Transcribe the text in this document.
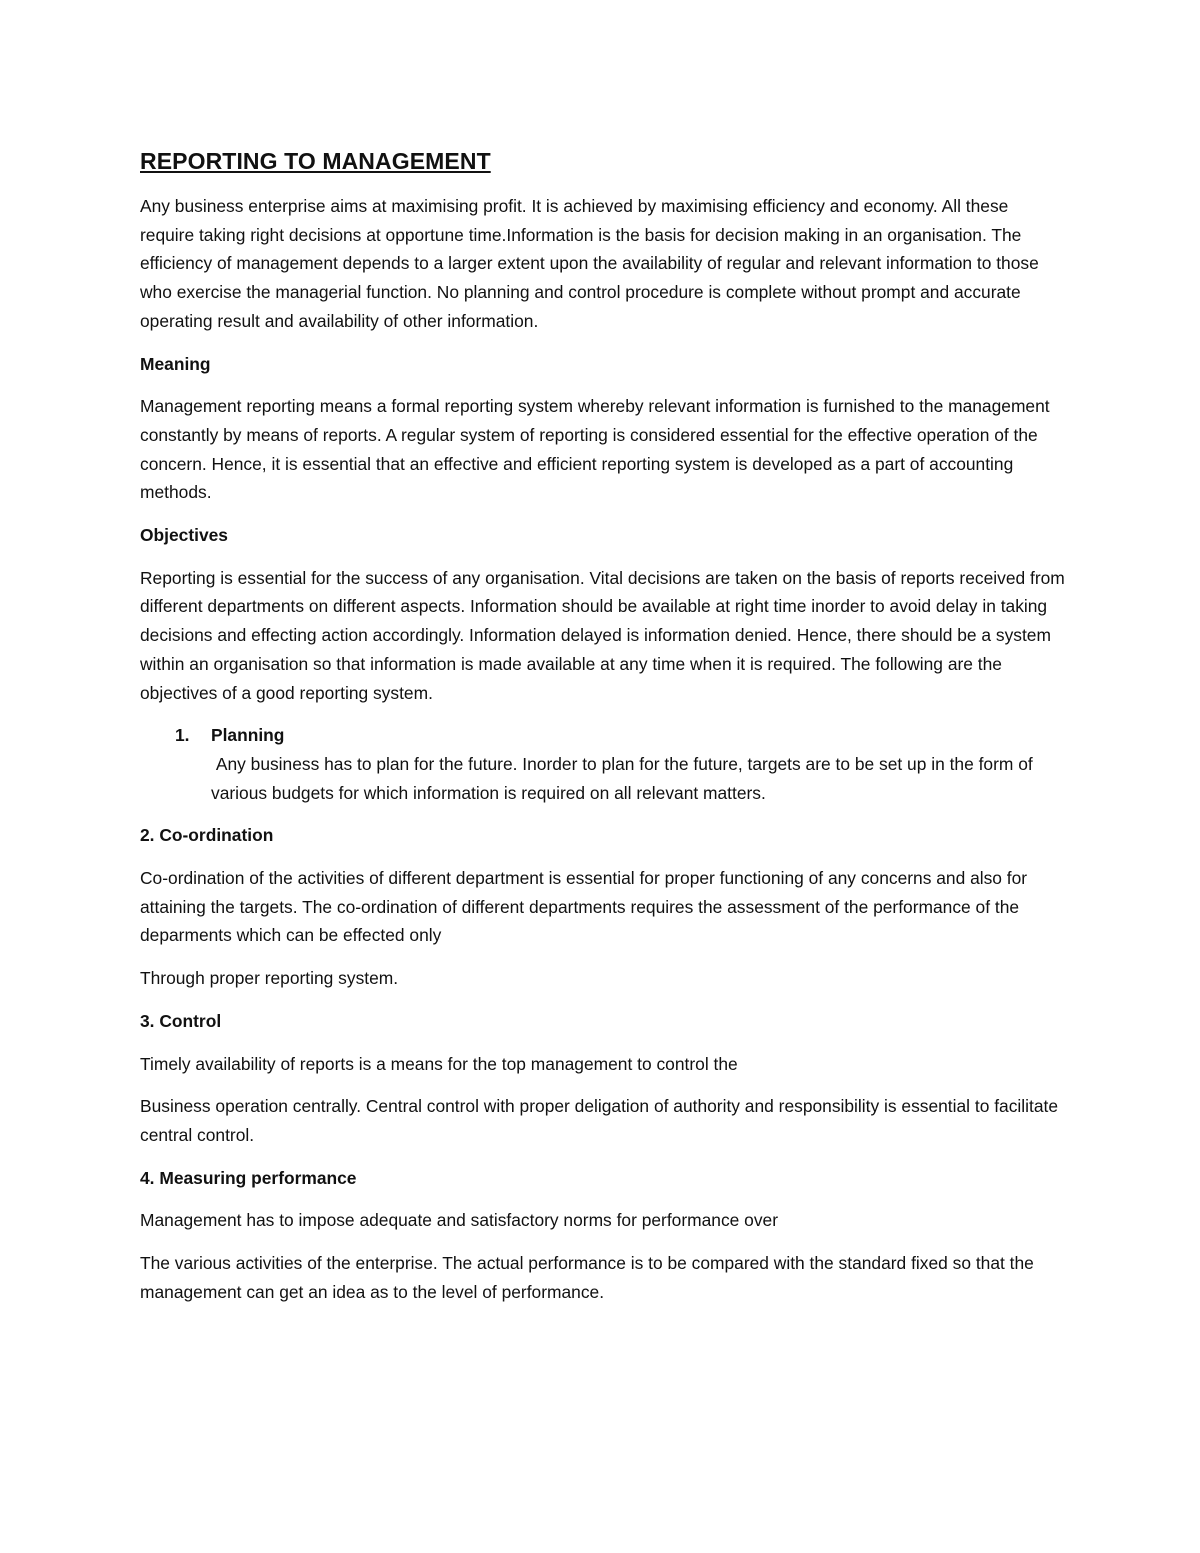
REPORTING TO MANAGEMENT

Any business enterprise aims at maximising profit. It is achieved by maximising efficiency and economy. All these require taking right decisions at opportune time.Information is the basis for decision making in an organisation. The efficiency of management depends to a larger extent upon the availability of regular and relevant information to those who exercise the managerial function. No planning and control procedure is complete without prompt and accurate operating result and availability of other information.

Meaning

Management reporting means a formal reporting system whereby relevant information is furnished to the management constantly by means of reports. A regular system of reporting is considered essential for the effective operation of the concern. Hence, it is essential that an effective and efficient reporting system is developed as a part of accounting methods.

Objectives

Reporting is essential for the success of any organisation. Vital decisions are taken on the basis of reports received from different departments on different aspects. Information should be available at right time inorder to avoid delay in taking decisions and effecting action accordingly. Information delayed is information denied. Hence, there should be a system within an organisation so that information is made available at any time when it is required. The following are the objectives of a good reporting system.

1. Planning
Any business has to plan for the future. Inorder to plan for the future, targets are to be set up in the form of various budgets for which information is required on all relevant matters.
2. Co-ordination

Co-ordination of the activities of different department is essential for proper functioning of any concerns and also for attaining the targets. The co-ordination of different departments requires the assessment of the performance of the deparments which can be effected only

Through proper reporting system.

3. Control

Timely availability of reports is a means for the top management to control the

Business operation centrally. Central control with proper deligation of authority and responsibility is essential to facilitate central control.

4. Measuring performance

Management has to impose adequate and satisfactory norms for performance over

The various activities of the enterprise. The actual performance is to be compared with the standard fixed so that the management can get an idea as to the level of performance.
